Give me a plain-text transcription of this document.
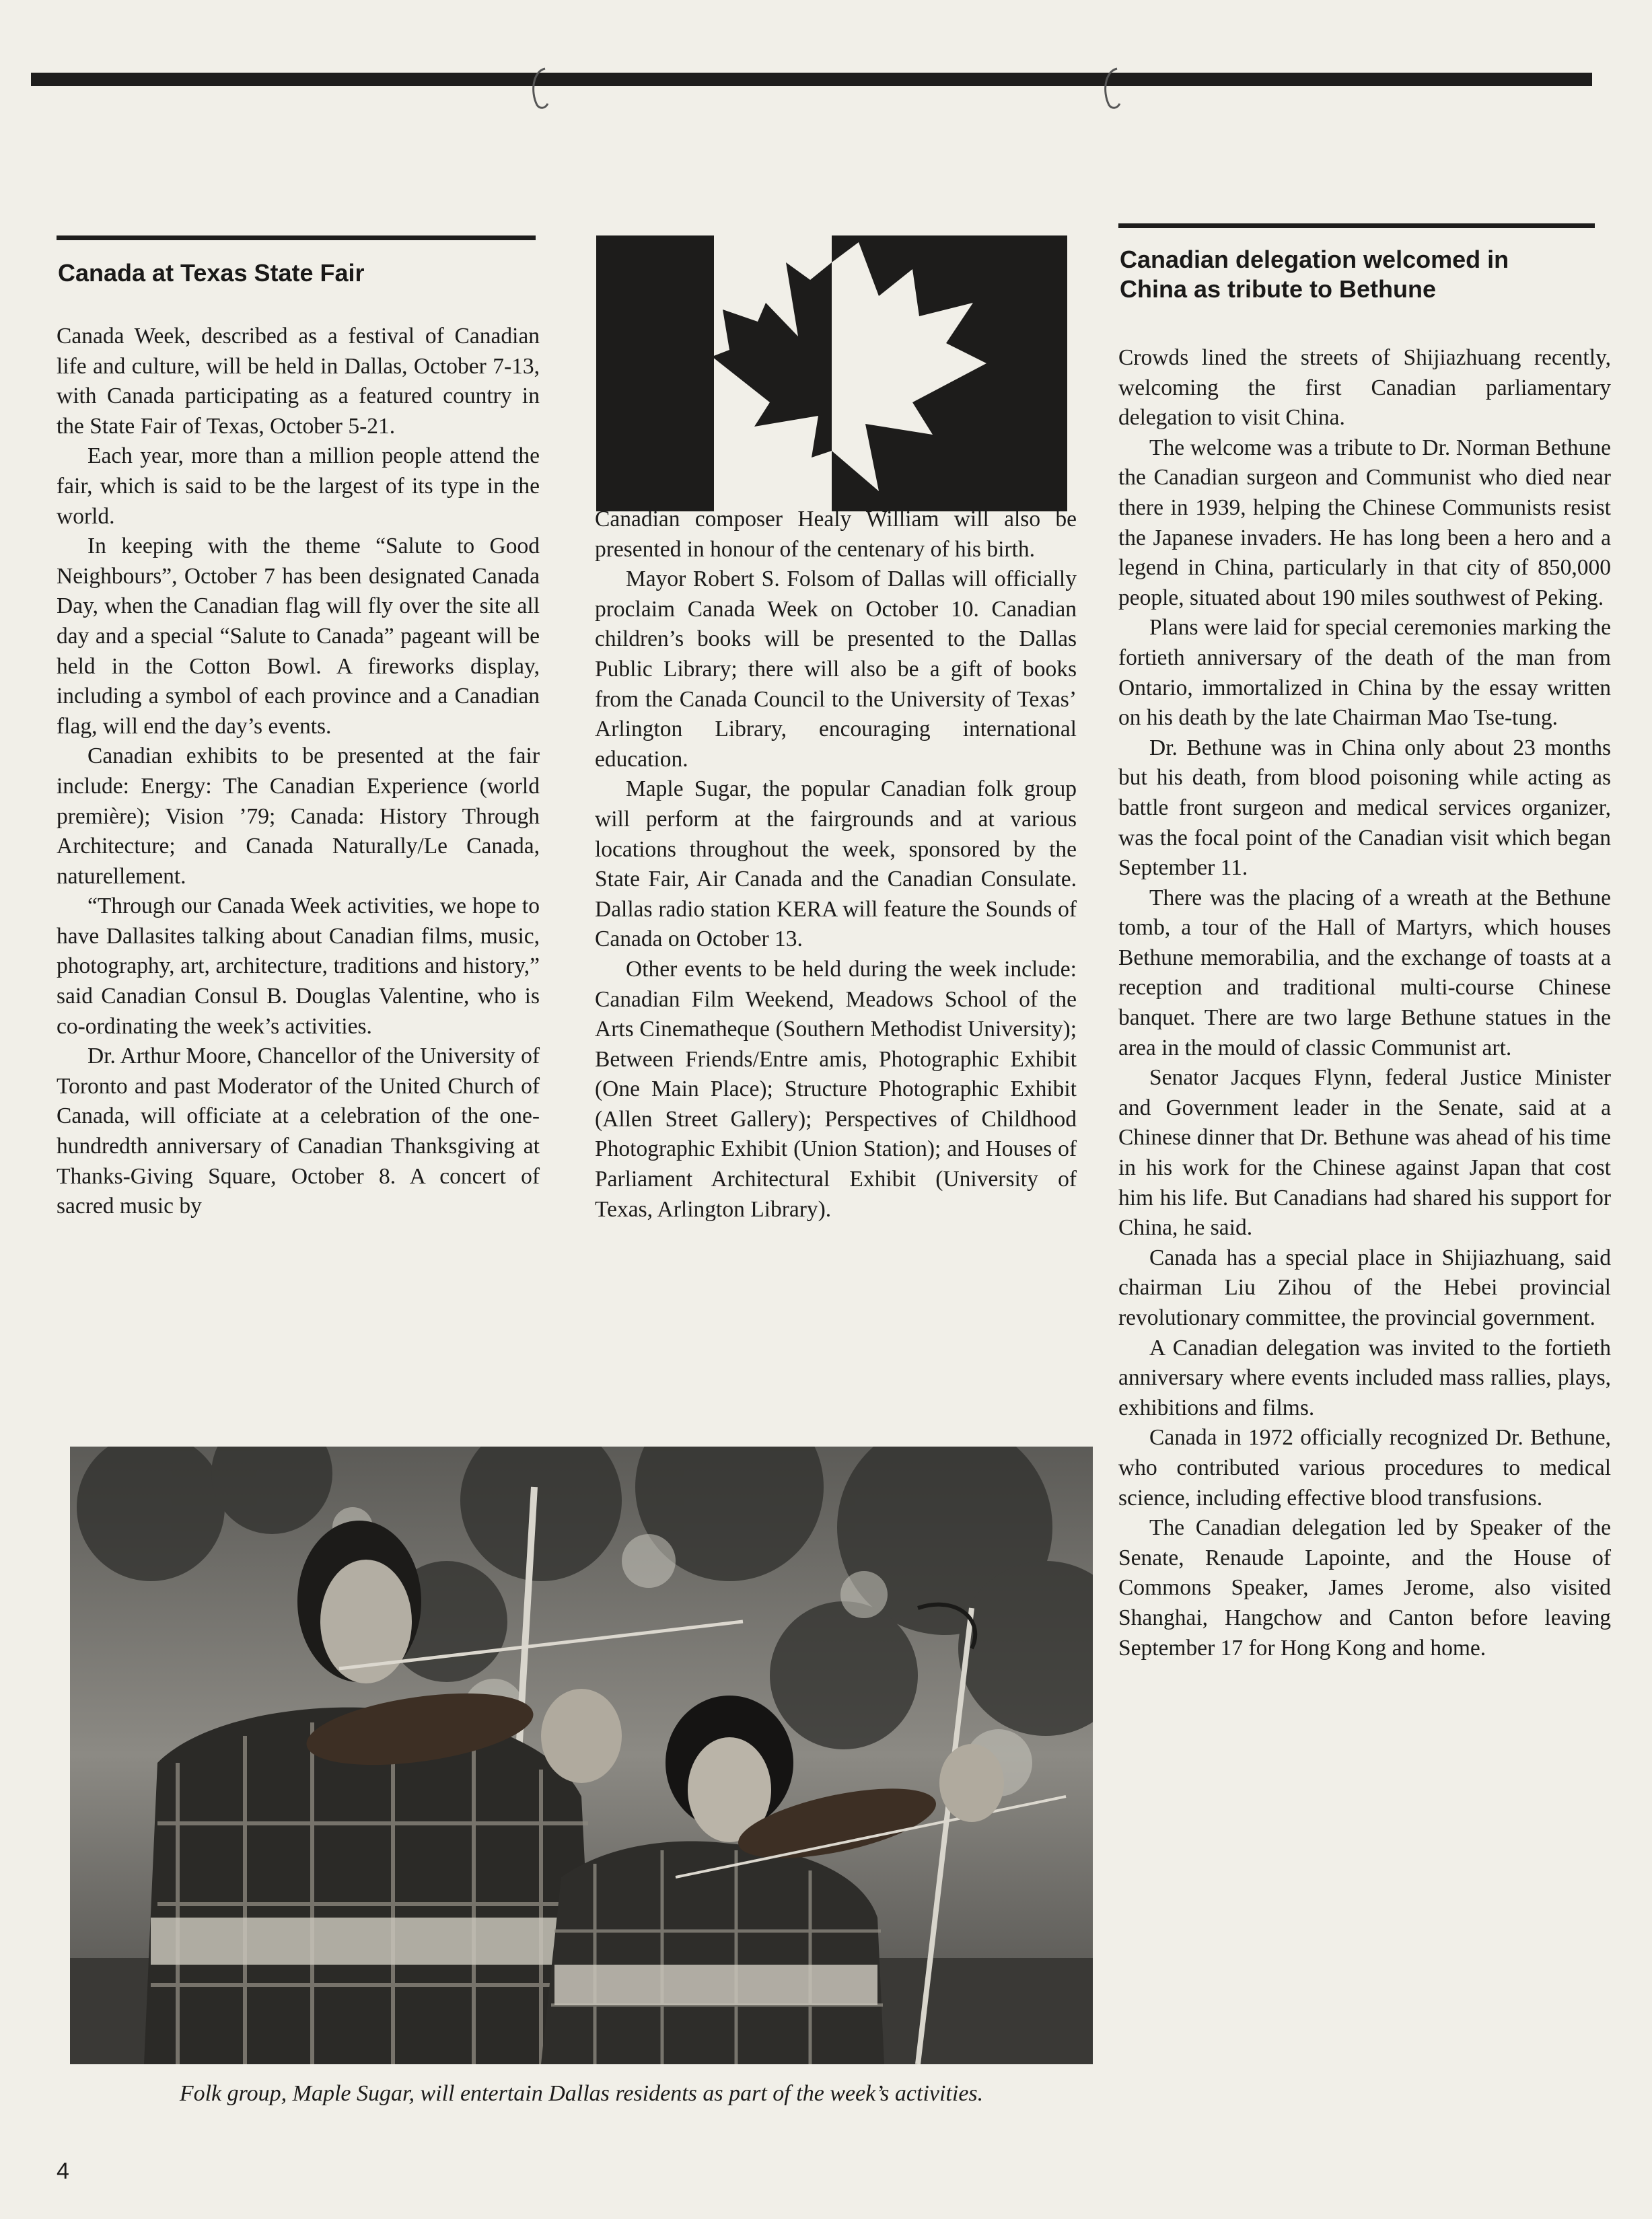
Canada at Texas State Fair

Canada Week, described as a festival of Canadian life and culture, will be held in Dallas, October 7-13, with Canada participating as a featured country in the State Fair of Texas, October 5-21.

Each year, more than a million people attend the fair, which is said to be the largest of its type in the world.

In keeping with the theme “Salute to Good Neighbours”, October 7 has been designated Canada Day, when the Canadian flag will fly over the site all day and a special “Salute to Canada” pageant will be held in the Cotton Bowl. A fireworks display, including a symbol of each province and a Canadian flag, will end the day’s events.

Canadian exhibits to be presented at the fair include: Energy: The Canadian Experience (world première); Vision ’79; Canada: History Through Architecture; and Canada Naturally/Le Canada, naturellement.

“Through our Canada Week activities, we hope to have Dallasites talking about Canadian films, music, photography, art, architecture, traditions and history,” said Canadian Consul B. Douglas Valentine, who is co-ordinating the week’s activities.

Dr. Arthur Moore, Chancellor of the University of Toronto and past Moderator of the United Church of Canada, will officiate at a celebration of the one-hundredth anniversary of Canadian Thanksgiving at Thanks-Giving Square, October 8. A concert of sacred music by

Canadian composer Healy William will also be presented in honour of the centenary of his birth.

Mayor Robert S. Folsom of Dallas will officially proclaim Canada Week on October 10. Canadian children’s books will be presented to the Dallas Public Library; there will also be a gift of books from the Canada Council to the University of Texas’ Arlington Library, encouraging international education.

Maple Sugar, the popular Canadian folk group will perform at the fairgrounds and at various locations throughout the week, sponsored by the State Fair, Air Canada and the Canadian Consulate. Dallas radio station KERA will feature the Sounds of Canada on October 13.

Other events to be held during the week include: Canadian Film Weekend, Meadows School of the Arts Cinematheque (Southern Methodist University); Between Friends/Entre amis, Photographic Exhibit (One Main Place); Structure Photographic Exhibit (Allen Street Gallery); Perspectives of Childhood Photographic Exhibit (Union Station); and Houses of Parliament Architectural Exhibit (University of Texas, Arlington Library).

Canadian delegation welcomed in
China as tribute to Bethune

Crowds lined the streets of Shijiazhuang recently, welcoming the first Canadian parliamentary delegation to visit China.

The welcome was a tribute to Dr. Norman Bethune the Canadian surgeon and Communist who died near there in 1939, helping the Chinese Communists resist the Japanese invaders. He has long been a hero and a legend in China, particularly in that city of 850,000 people, situated about 190 miles southwest of Peking.

Plans were laid for special ceremonies marking the fortieth anniversary of the death of the man from Ontario, immortalized in China by the essay written on his death by the late Chairman Mao Tse-tung.

Dr. Bethune was in China only about 23 months but his death, from blood poisoning while acting as battle front surgeon and medical services organizer, was the focal point of the Canadian visit which began September 11.

There was the placing of a wreath at the Bethune tomb, a tour of the Hall of Martyrs, which houses Bethune memorabilia, and the exchange of toasts at a reception and traditional multi-course Chinese banquet. There are two large Bethune statues in the area in the mould of classic Communist art.

Senator Jacques Flynn, federal Justice Minister and Government leader in the Senate, said at a Chinese dinner that Dr. Bethune was ahead of his time in his work for the Chinese against Japan that cost him his life. But Canadians had shared his support for China, he said.

Canada has a special place in Shijiazhuang, said chairman Liu Zihou of the Hebei provincial revolutionary committee, the provincial government.

A Canadian delegation was invited to the fortieth anniversary where events included mass rallies, plays, exhibitions and films.

Canada in 1972 officially recognized Dr. Bethune, who contributed various procedures to medical science, including effective blood transfusions.

The Canadian delegation led by Speaker of the Senate, Renaude Lapointe, and the House of Commons Speaker, James Jerome, also visited Shanghai, Hangchow and Canton before leaving September 17 for Hong Kong and home.

Folk group, Maple Sugar, will entertain Dallas residents as part of the week’s activities.
4
